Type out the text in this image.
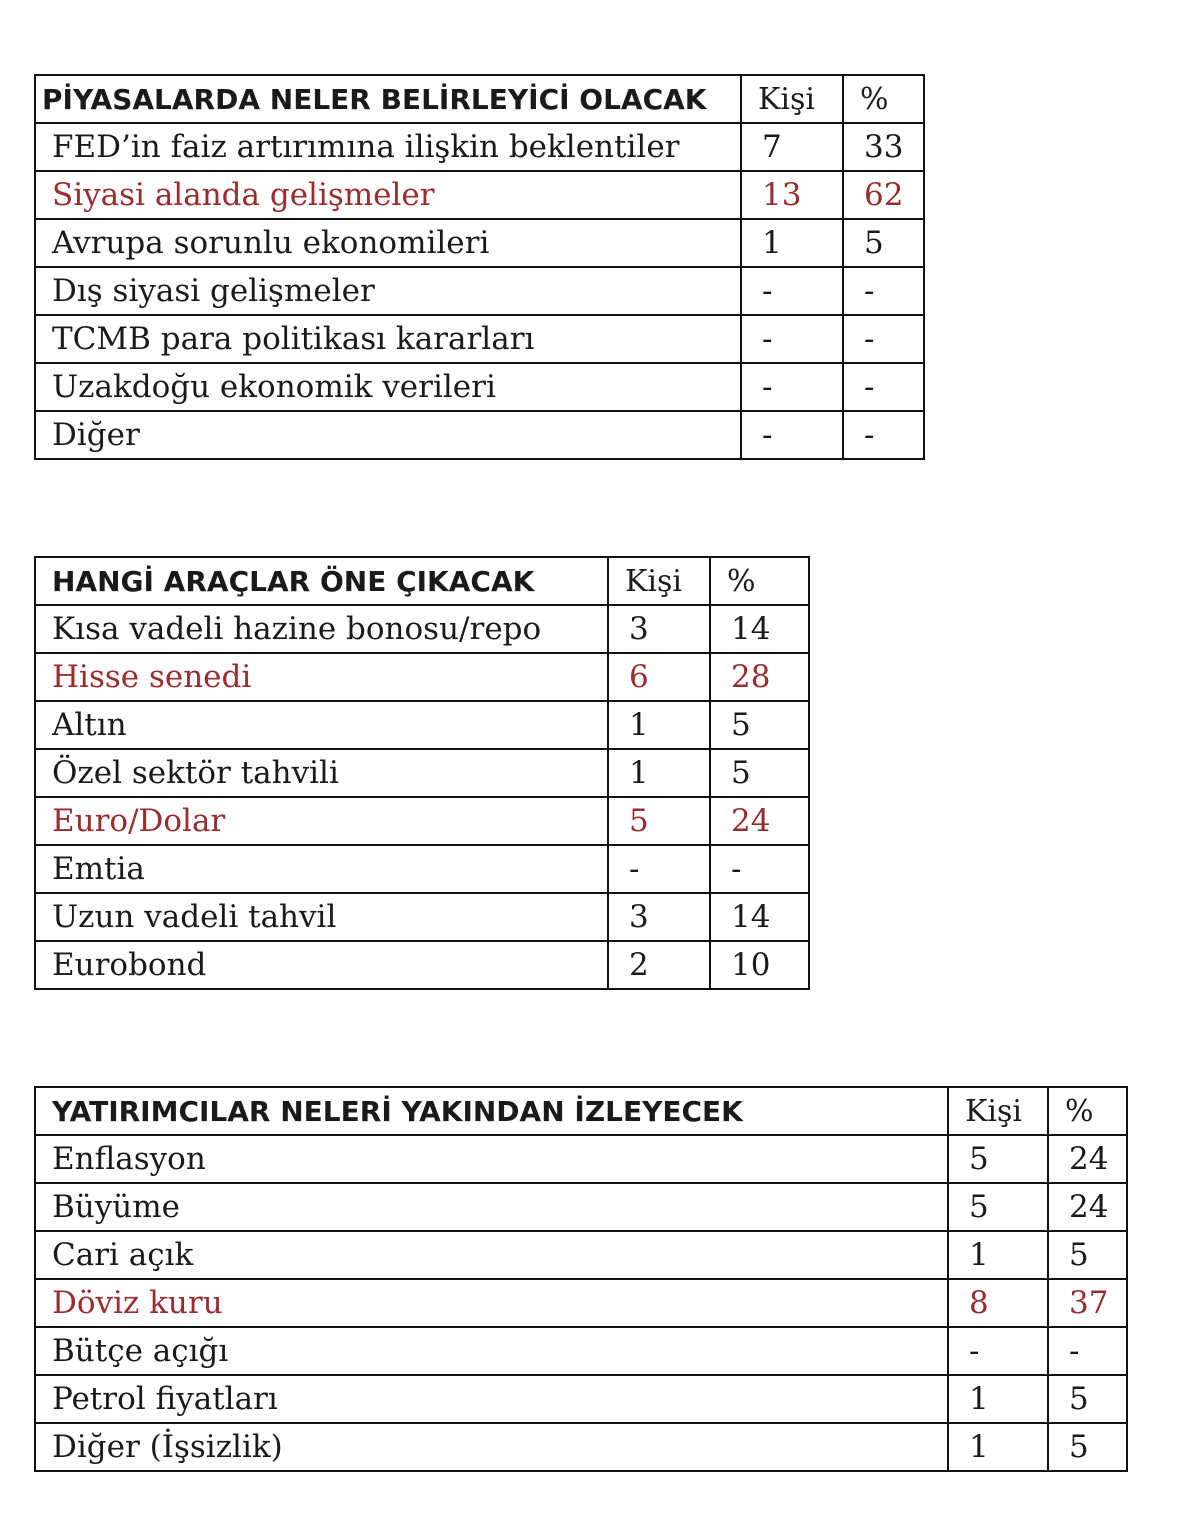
PİYASALARDA NELER BELİRLEYİCİ OLACAK	Kişi	%
FED’in faiz artırımına ilişkin beklentiler	7	33
Siyasi alanda gelişmeler	13	62
Avrupa sorunlu ekonomileri	1	5
Dış siyasi gelişmeler	-	-
TCMB para politikası kararları	-	-
Uzakdoğu ekonomik verileri	-	-
Diğer	-	-
HANGİ ARAÇLAR ÖNE ÇIKACAK	Kişi	%
Kısa vadeli hazine bonosu/repo	3	14
Hisse senedi	6	28
Altın	1	5
Özel sektör tahvili	1	5
Euro/Dolar	5	24
Emtia	-	-
Uzun vadeli tahvil	3	14
Eurobond	2	10
YATIRIMCILAR NELERİ YAKINDAN İZLEYECEK	Kişi	%
Enflasyon	5	24
Büyüme	5	24
Cari açık	1	5
Döviz kuru	8	37
Bütçe açığı	-	-
Petrol fiyatları	1	5
Diğer (İşsizlik)	1	5
